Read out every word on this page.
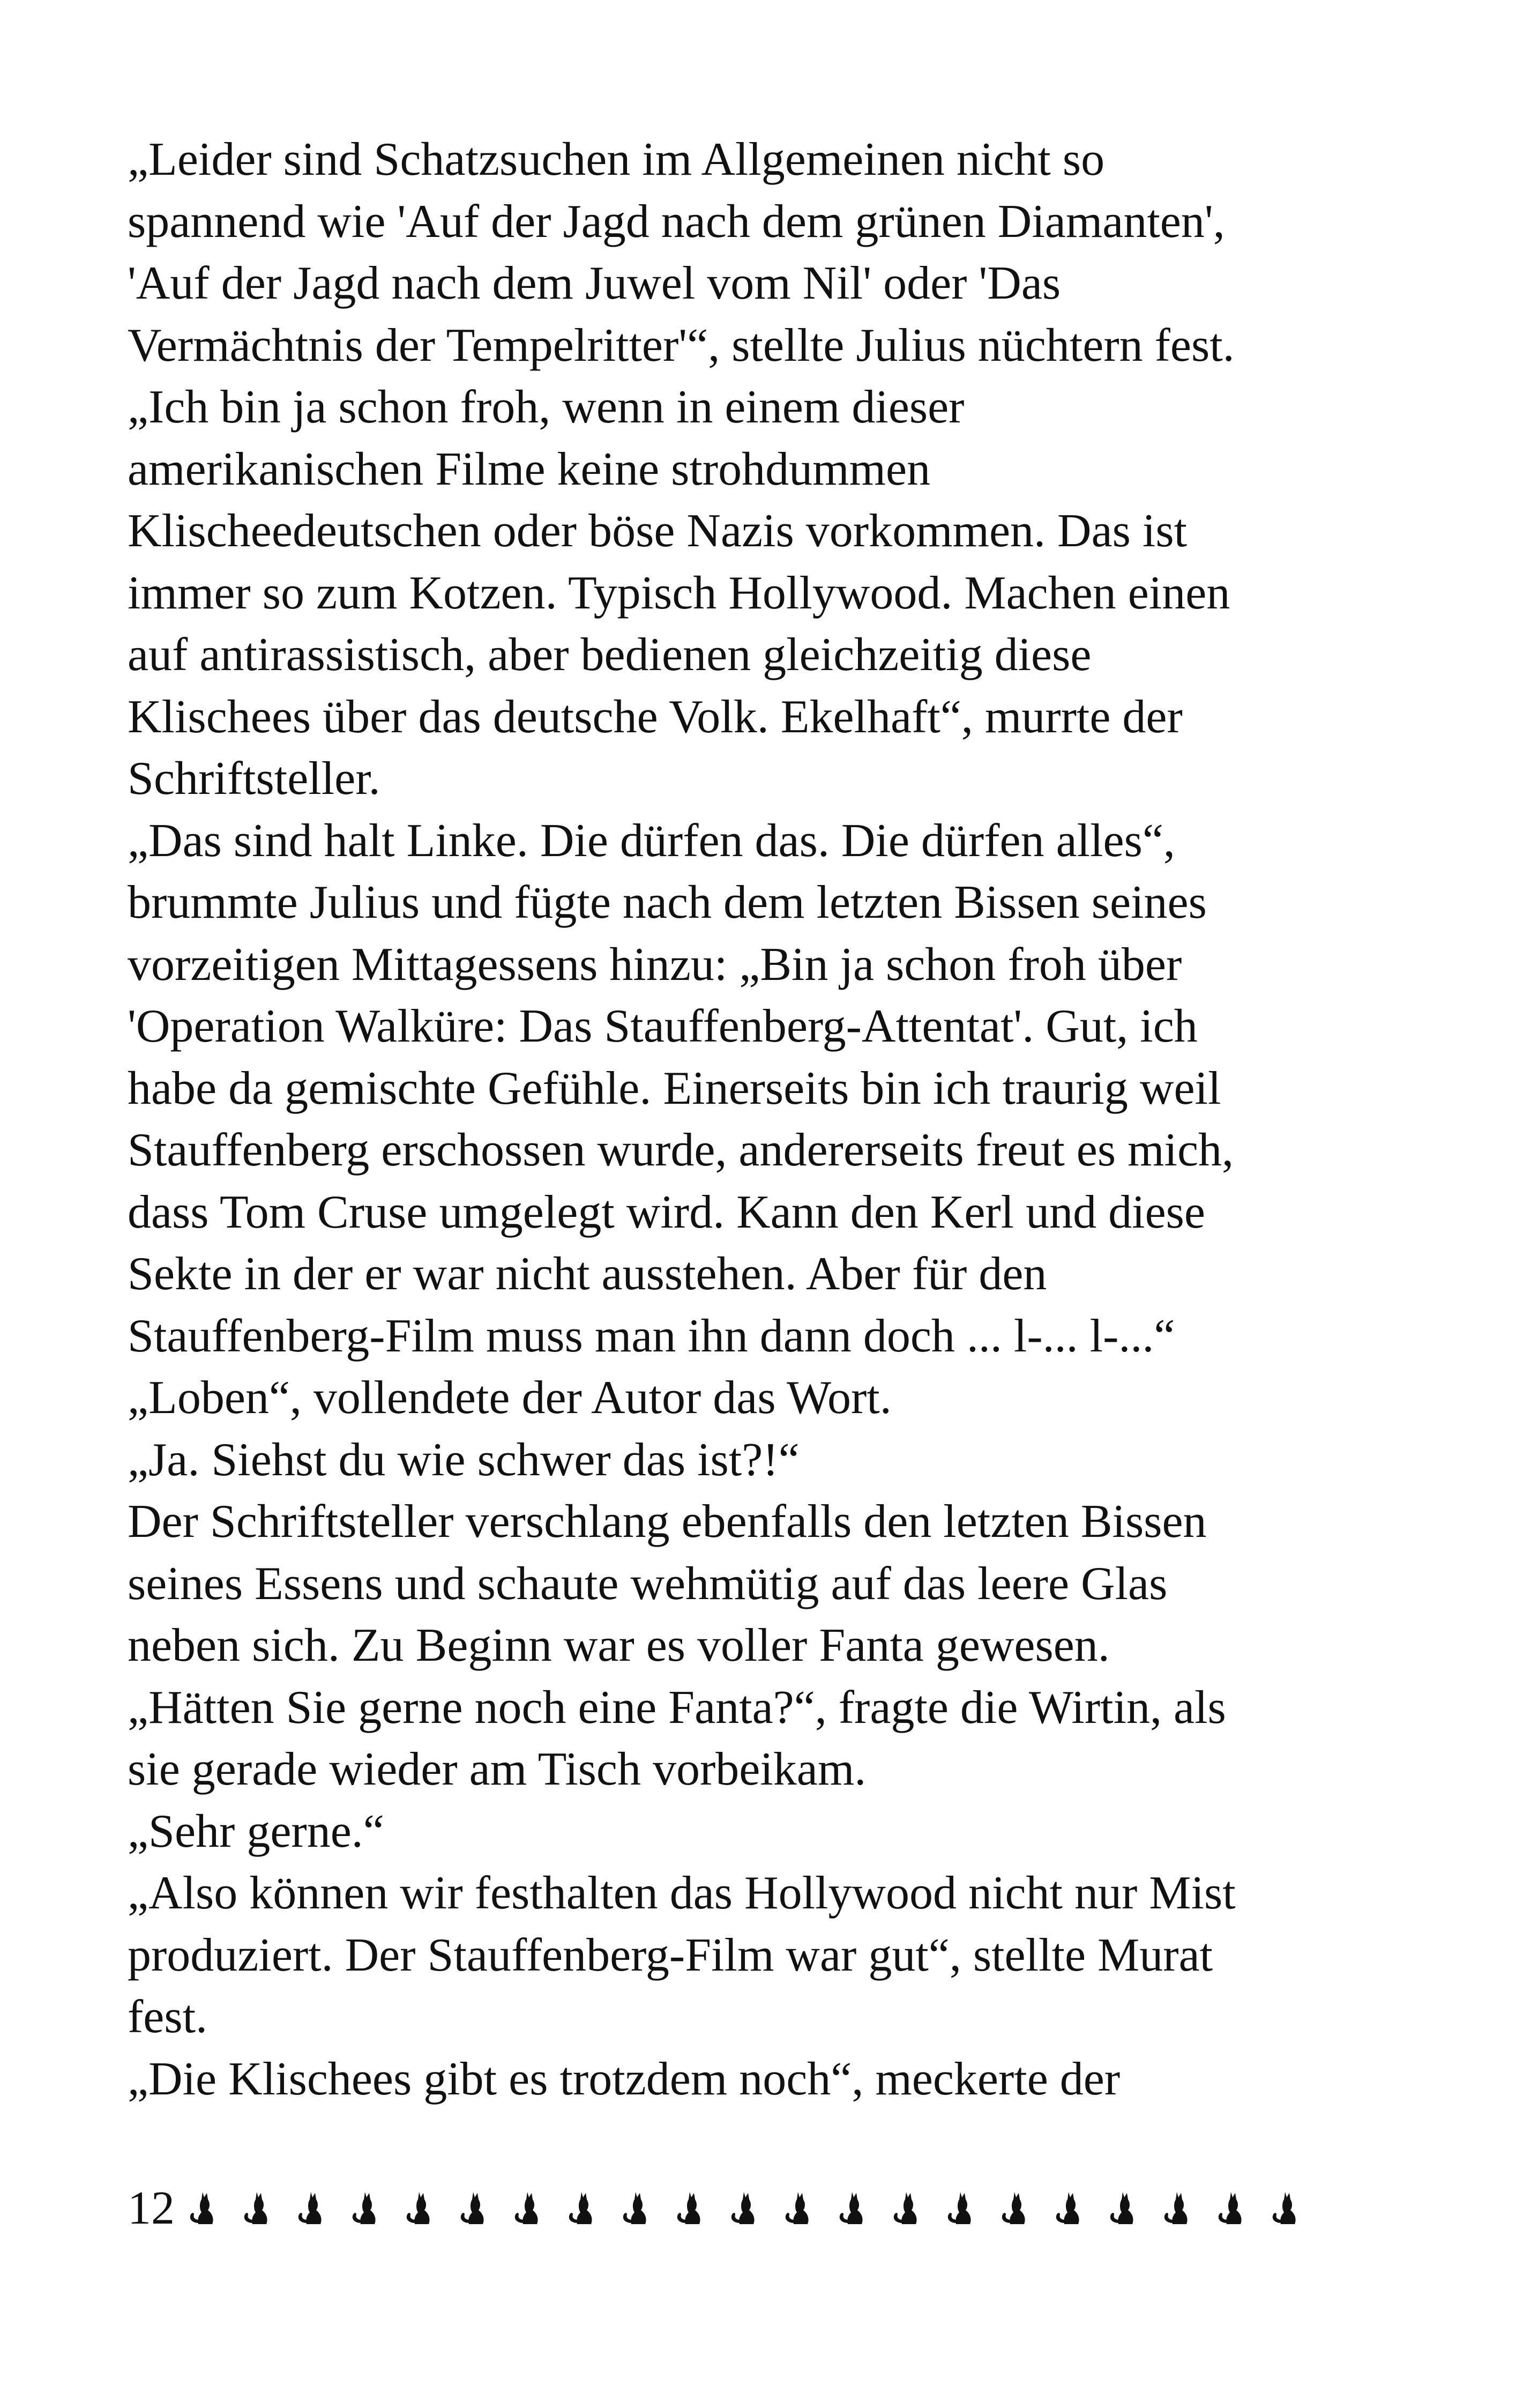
„Leider sind Schatzsuchen im Allgemeinen nicht so
spannend wie 'Auf der Jagd nach dem grünen Diamanten',
'Auf der Jagd nach dem Juwel vom Nil' oder 'Das
Vermächtnis der Tempelritter'“, stellte Julius nüchtern fest.
„Ich bin ja schon froh, wenn in einem dieser
amerikanischen Filme keine strohdummen
Klischeedeutschen oder böse Nazis vorkommen. Das ist
immer so zum Kotzen. Typisch Hollywood. Machen einen
auf antirassistisch, aber bedienen gleichzeitig diese
Klischees über das deutsche Volk. Ekelhaft“, murrte der
Schriftsteller.
„Das sind halt Linke. Die dürfen das. Die dürfen alles“,
brummte Julius und fügte nach dem letzten Bissen seines
vorzeitigen Mittagessens hinzu: „Bin ja schon froh über
'Operation Walküre: Das Stauffenberg-Attentat'. Gut, ich
habe da gemischte Gefühle. Einerseits bin ich traurig weil
Stauffenberg erschossen wurde, andererseits freut es mich,
dass Tom Cruse umgelegt wird. Kann den Kerl und diese
Sekte in der er war nicht ausstehen. Aber für den
Stauffenberg-Film muss man ihn dann doch ... l-... l-...“
„Loben“, vollendete der Autor das Wort.
„Ja. Siehst du wie schwer das ist?!“
Der Schriftsteller verschlang ebenfalls den letzten Bissen
seines Essens und schaute wehmütig auf das leere Glas
neben sich. Zu Beginn war es voller Fanta gewesen.
„Hätten Sie gerne noch eine Fanta?“, fragte die Wirtin, als
sie gerade wieder am Tisch vorbeikam.
„Sehr gerne.“
„Also können wir festhalten das Hollywood nicht nur Mist
produziert. Der Stauffenberg-Film war gut“, stellte Murat
fest.
„Die Klischees gibt es trotzdem noch“, meckerte der
12
